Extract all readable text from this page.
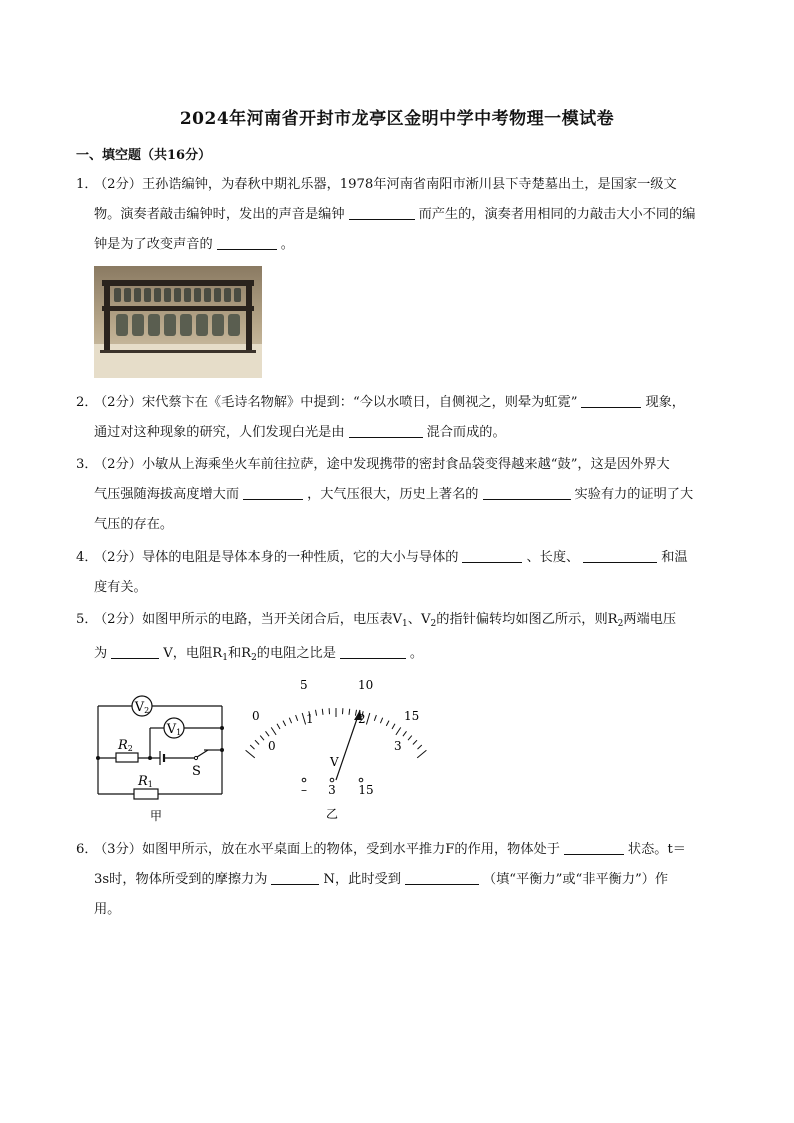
2024年河南省开封市龙亭区金明中学中考物理一模试卷
一、填空题（共16分）
1．（2分）王孙诰编钟，为春秋中期礼乐器，1978年河南省南阳市淅川县下寺楚墓出土，是国家一级文
物。演奏者敲击编钟时，发出的声音是编钟	而产生的，演奏者用相同的力敲击大小不同的编
钟是为了改变声音的	。
2．（2分）宋代蔡卞在《毛诗名物解》中提到：“今以水喷日，自侧视之，则晕为虹霓”	现象，
通过对这种现象的研究，人们发现白光是由	混合而成的。
3．（2分）小敏从上海乘坐火车前往拉萨，途中发现携带的密封食品袋变得越来越“鼓”，这是因外界大
气压强随海拔高度增大而	，大气压很大，历史上著名的	实验有力的证明了大
气压的存在。
4．（2分）导体的电阻是导体本身的一种性质，它的大小与导体的	、长度、	和温
度有关。
5．（2分）如图甲所示的电路，当开关闭合后，电压表$V_1$、$V_2$的指针偏转均如图乙所示，则$R_2$两端电压
为	V，电阻$R_1$和$R_2$的电阻之比是	。
V2
V1
R2
R1
S
甲
0
5	10
15
0
1	2
3
V
– 3 15
乙
6．（3分）如图甲所示，放在水平桌面上的物体，受到水平推力F的作用，物体处于	状态。t＝
3s时，物体所受到的摩擦力为	N，此时受到	（填“平衡力”或“非平衡力”）作
用。
